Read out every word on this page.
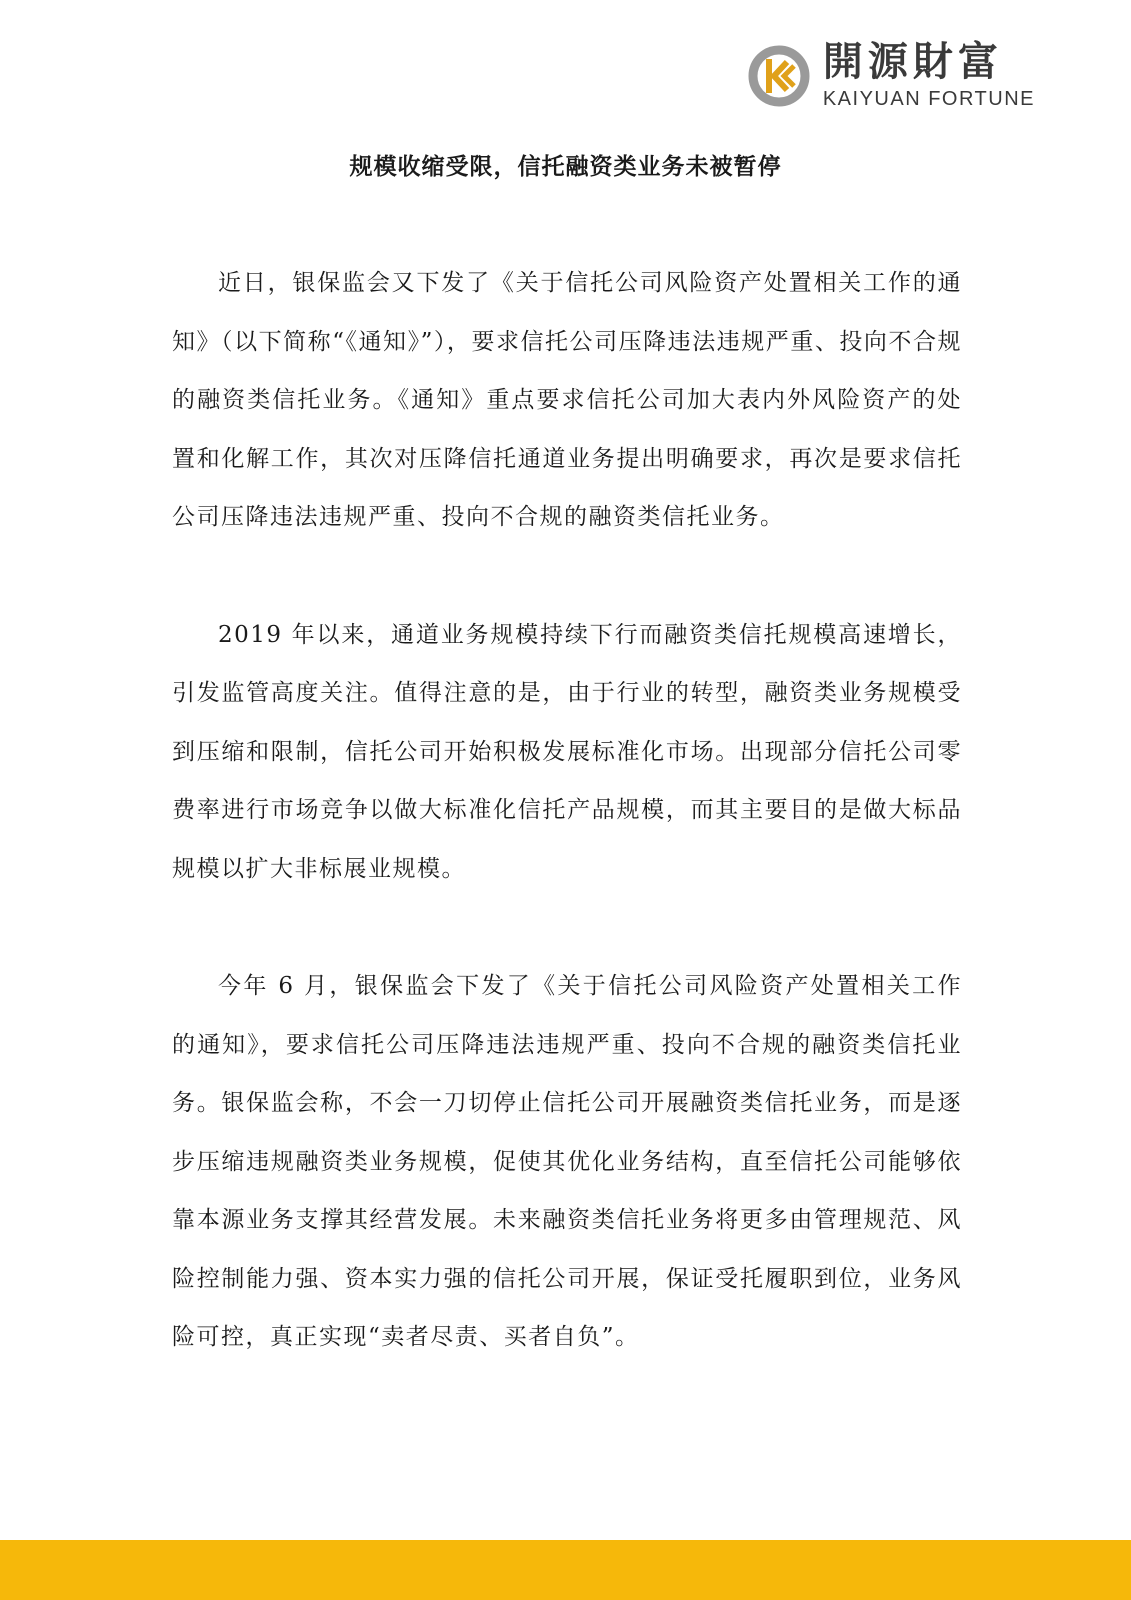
開源財富
KAIYUAN FORTUNE
规模收缩受限，信托融资类业务未被暂停

近日，银保监会又下发了《关于信托公司风险资产处置相关工作的通知》（以下简称“《通知》”），要求信托公司压降违法违规严重、投向不合规的融资类信托业务。《通知》重点要求信托公司加大表内外风险资产的处置和化解工作，其次对压降信托通道业务提出明确要求，再次是要求信托公司压降违法违规严重、投向不合规的融资类信托业务。

2019 年以来，通道业务规模持续下行而融资类信托规模高速增长，引发监管高度关注。值得注意的是，由于行业的转型，融资类业务规模受到压缩和限制，信托公司开始积极发展标准化市场。出现部分信托公司零费率进行市场竞争以做大标准化信托产品规模，而其主要目的是做大标品规模以扩大非标展业规模。

今年 6 月，银保监会下发了《关于信托公司风险资产处置相关工作的通知》，要求信托公司压降违法违规严重、投向不合规的融资类信托业务。银保监会称，不会一刀切停止信托公司开展融资类信托业务，而是逐步压缩违规融资类业务规模，促使其优化业务结构，直至信托公司能够依靠本源业务支撑其经营发展。未来融资类信托业务将更多由管理规范、风险控制能力强、资本实力强的信托公司开展，保证受托履职到位，业务风险可控，真正实现“卖者尽责、买者自负”。
